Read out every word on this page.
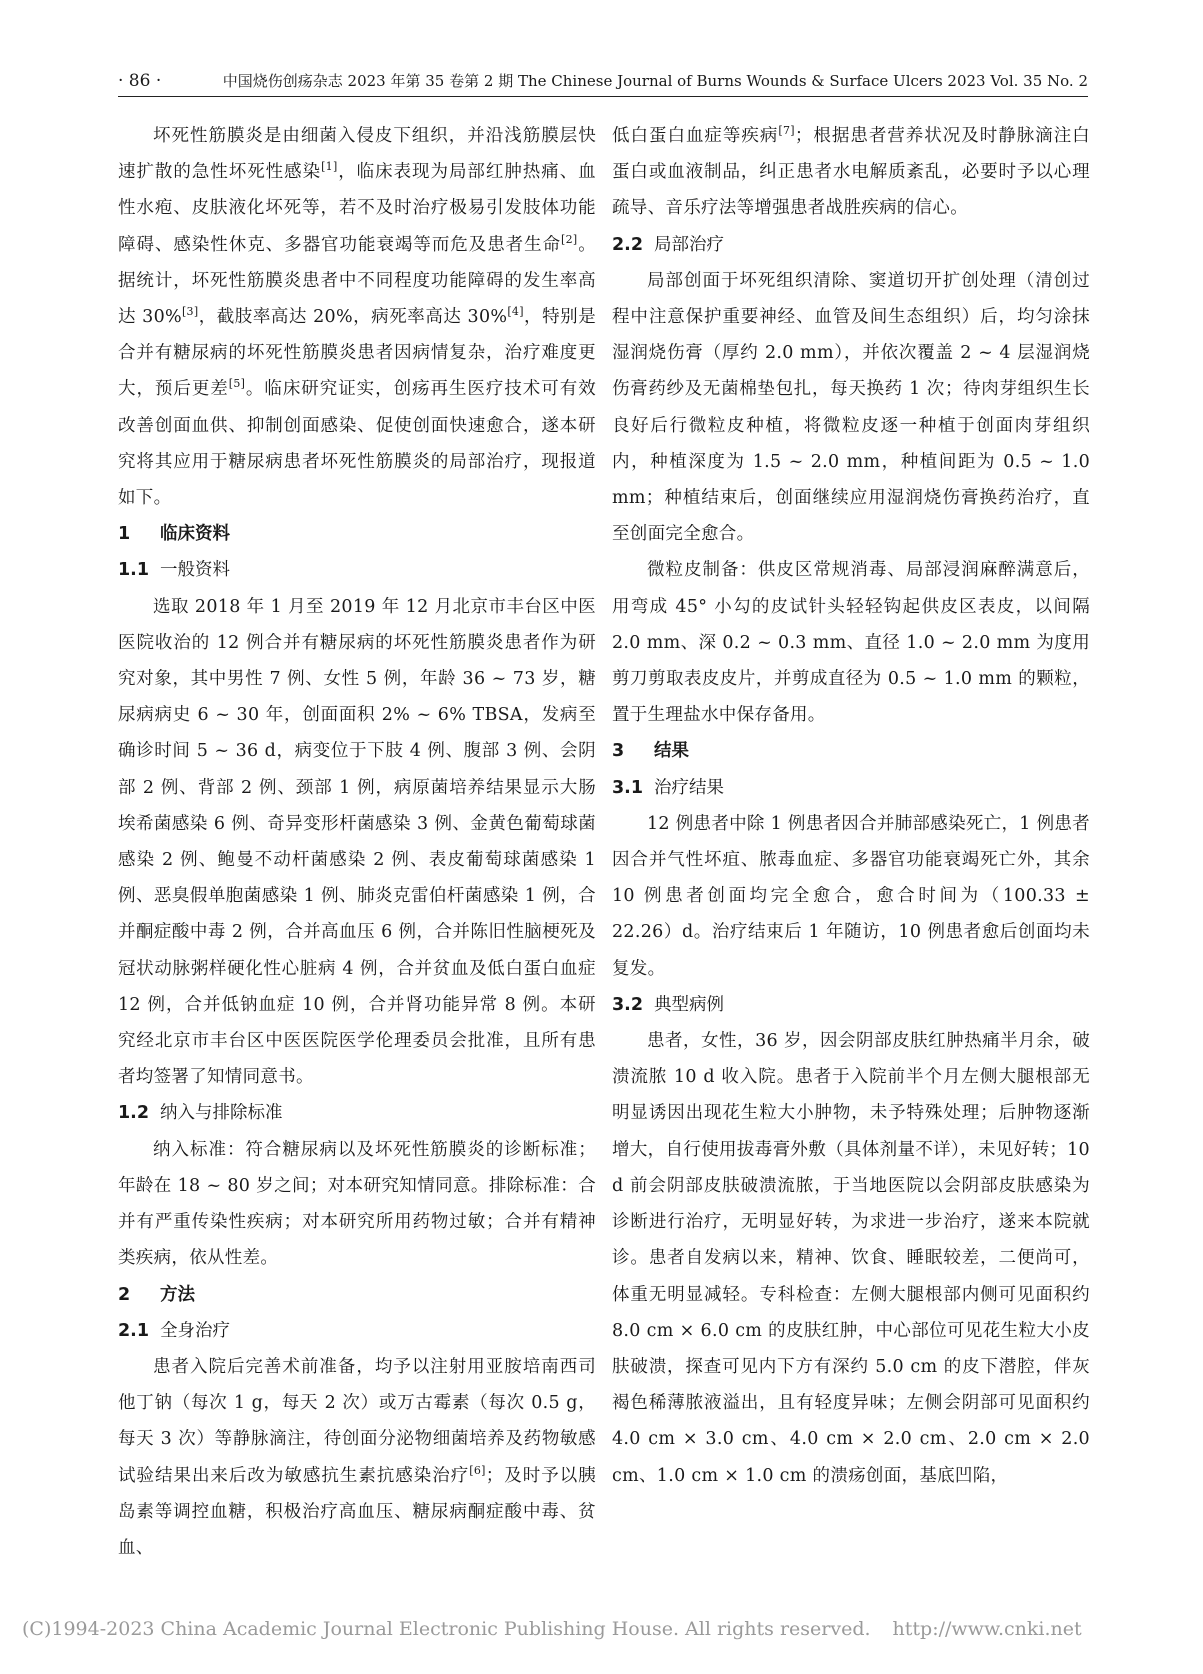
· 86 ·	中国烧伤创疡杂志 2023 年第 35 卷第 2 期 The Chinese Journal of Burns Wounds & Surface Ulcers 2023 Vol. 35 No. 2

坏死性筋膜炎是由细菌入侵皮下组织，并沿浅筋膜层快速扩散的急性坏死性感染[1]，临床表现为局部红肿热痛、血性水疱、皮肤液化坏死等，若不及时治疗极易引发肢体功能障碍、感染性休克、多器官功能衰竭等而危及患者生命[2]。据统计，坏死性筋膜炎患者中不同程度功能障碍的发生率高达 30%[3]，截肢率高达 20%，病死率高达 30%[4]，特别是合并有糖尿病的坏死性筋膜炎患者因病情复杂，治疗难度更大，预后更差[5]。临床研究证实，创疡再生医疗技术可有效改善创面血供、抑制创面感染、促使创面快速愈合，遂本研究将其应用于糖尿病患者坏死性筋膜炎的局部治疗，现报道如下。

1 临床资料
1.1 一般资料

选取 2018 年 1 月至 2019 年 12 月北京市丰台区中医医院收治的 12 例合并有糖尿病的坏死性筋膜炎患者作为研究对象，其中男性 7 例、女性 5 例，年龄 36 ~ 73 岁，糖尿病病史 6 ~ 30 年，创面面积 2% ~ 6% TBSA，发病至确诊时间 5 ~ 36 d，病变位于下肢 4 例、腹部 3 例、会阴部 2 例、背部 2 例、颈部 1 例，病原菌培养结果显示大肠埃希菌感染 6 例、奇异变形杆菌感染 3 例、金黄色葡萄球菌感染 2 例、鲍曼不动杆菌感染 2 例、表皮葡萄球菌感染 1 例、恶臭假单胞菌感染 1 例、肺炎克雷伯杆菌感染 1 例，合并酮症酸中毒 2 例，合并高血压 6 例，合并陈旧性脑梗死及冠状动脉粥样硬化性心脏病 4 例，合并贫血及低白蛋白血症 12 例，合并低钠血症 10 例，合并肾功能异常 8 例。本研究经北京市丰台区中医医院医学伦理委员会批准，且所有患者均签署了知情同意书。

1.2 纳入与排除标准

纳入标准：符合糖尿病以及坏死性筋膜炎的诊断标准；年龄在 18 ~ 80 岁之间；对本研究知情同意。排除标准：合并有严重传染性疾病；对本研究所用药物过敏；合并有精神类疾病，依从性差。

2 方法
2.1 全身治疗

患者入院后完善术前准备，均予以注射用亚胺培南西司他丁钠（每次 1 g，每天 2 次）或万古霉素（每次 0.5 g，每天 3 次）等静脉滴注，待创面分泌物细菌培养及药物敏感试验结果出来后改为敏感抗生素抗感染治疗[6]；及时予以胰岛素等调控血糖，积极治疗高血压、糖尿病酮症酸中毒、贫血、

低白蛋白血症等疾病[7]；根据患者营养状况及时静脉滴注白蛋白或血液制品，纠正患者水电解质紊乱，必要时予以心理疏导、音乐疗法等增强患者战胜疾病的信心。

2.2 局部治疗

局部创面于坏死组织清除、窦道切开扩创处理（清创过程中注意保护重要神经、血管及间生态组织）后，均匀涂抹湿润烧伤膏（厚约 2.0 mm），并依次覆盖 2 ~ 4 层湿润烧伤膏药纱及无菌棉垫包扎，每天换药 1 次；待肉芽组织生长良好后行微粒皮种植，将微粒皮逐一种植于创面肉芽组织内，种植深度为 1.5 ~ 2.0 mm，种植间距为 0.5 ~ 1.0 mm；种植结束后，创面继续应用湿润烧伤膏换药治疗，直至创面完全愈合。

微粒皮制备：供皮区常规消毒、局部浸润麻醉满意后，用弯成 45° 小勾的皮试针头轻轻钩起供皮区表皮，以间隔 2.0 mm、深 0.2 ~ 0.3 mm、直径 1.0 ~ 2.0 mm 为度用剪刀剪取表皮皮片，并剪成直径为 0.5 ~ 1.0 mm 的颗粒，置于生理盐水中保存备用。

3 结果
3.1 治疗结果

12 例患者中除 1 例患者因合并肺部感染死亡，1 例患者因合并气性坏疽、脓毒血症、多器官功能衰竭死亡外，其余 10 例患者创面均完全愈合，愈合时间为（100.33 ± 22.26）d。治疗结束后 1 年随访，10 例患者愈后创面均未复发。

3.2 典型病例

患者，女性，36 岁，因会阴部皮肤红肿热痛半月余，破溃流脓 10 d 收入院。患者于入院前半个月左侧大腿根部无明显诱因出现花生粒大小肿物，未予特殊处理；后肿物逐渐增大，自行使用拔毒膏外敷（具体剂量不详），未见好转；10 d 前会阴部皮肤破溃流脓，于当地医院以会阴部皮肤感染为诊断进行治疗，无明显好转，为求进一步治疗，遂来本院就诊。患者自发病以来，精神、饮食、睡眠较差，二便尚可，体重无明显减轻。专科检查：左侧大腿根部内侧可见面积约 8.0 cm × 6.0 cm 的皮肤红肿，中心部位可见花生粒大小皮肤破溃，探查可见内下方有深约 5.0 cm 的皮下潜腔，伴灰褐色稀薄脓液溢出，且有轻度异味；左侧会阴部可见面积约 4.0 cm × 3.0 cm、4.0 cm × 2.0 cm、2.0 cm × 2.0 cm、1.0 cm × 1.0 cm 的溃疡创面，基底凹陷，

(C)1994-2023 China Academic Journal Electronic Publishing House. All rights reserved. http://www.cnki.net
